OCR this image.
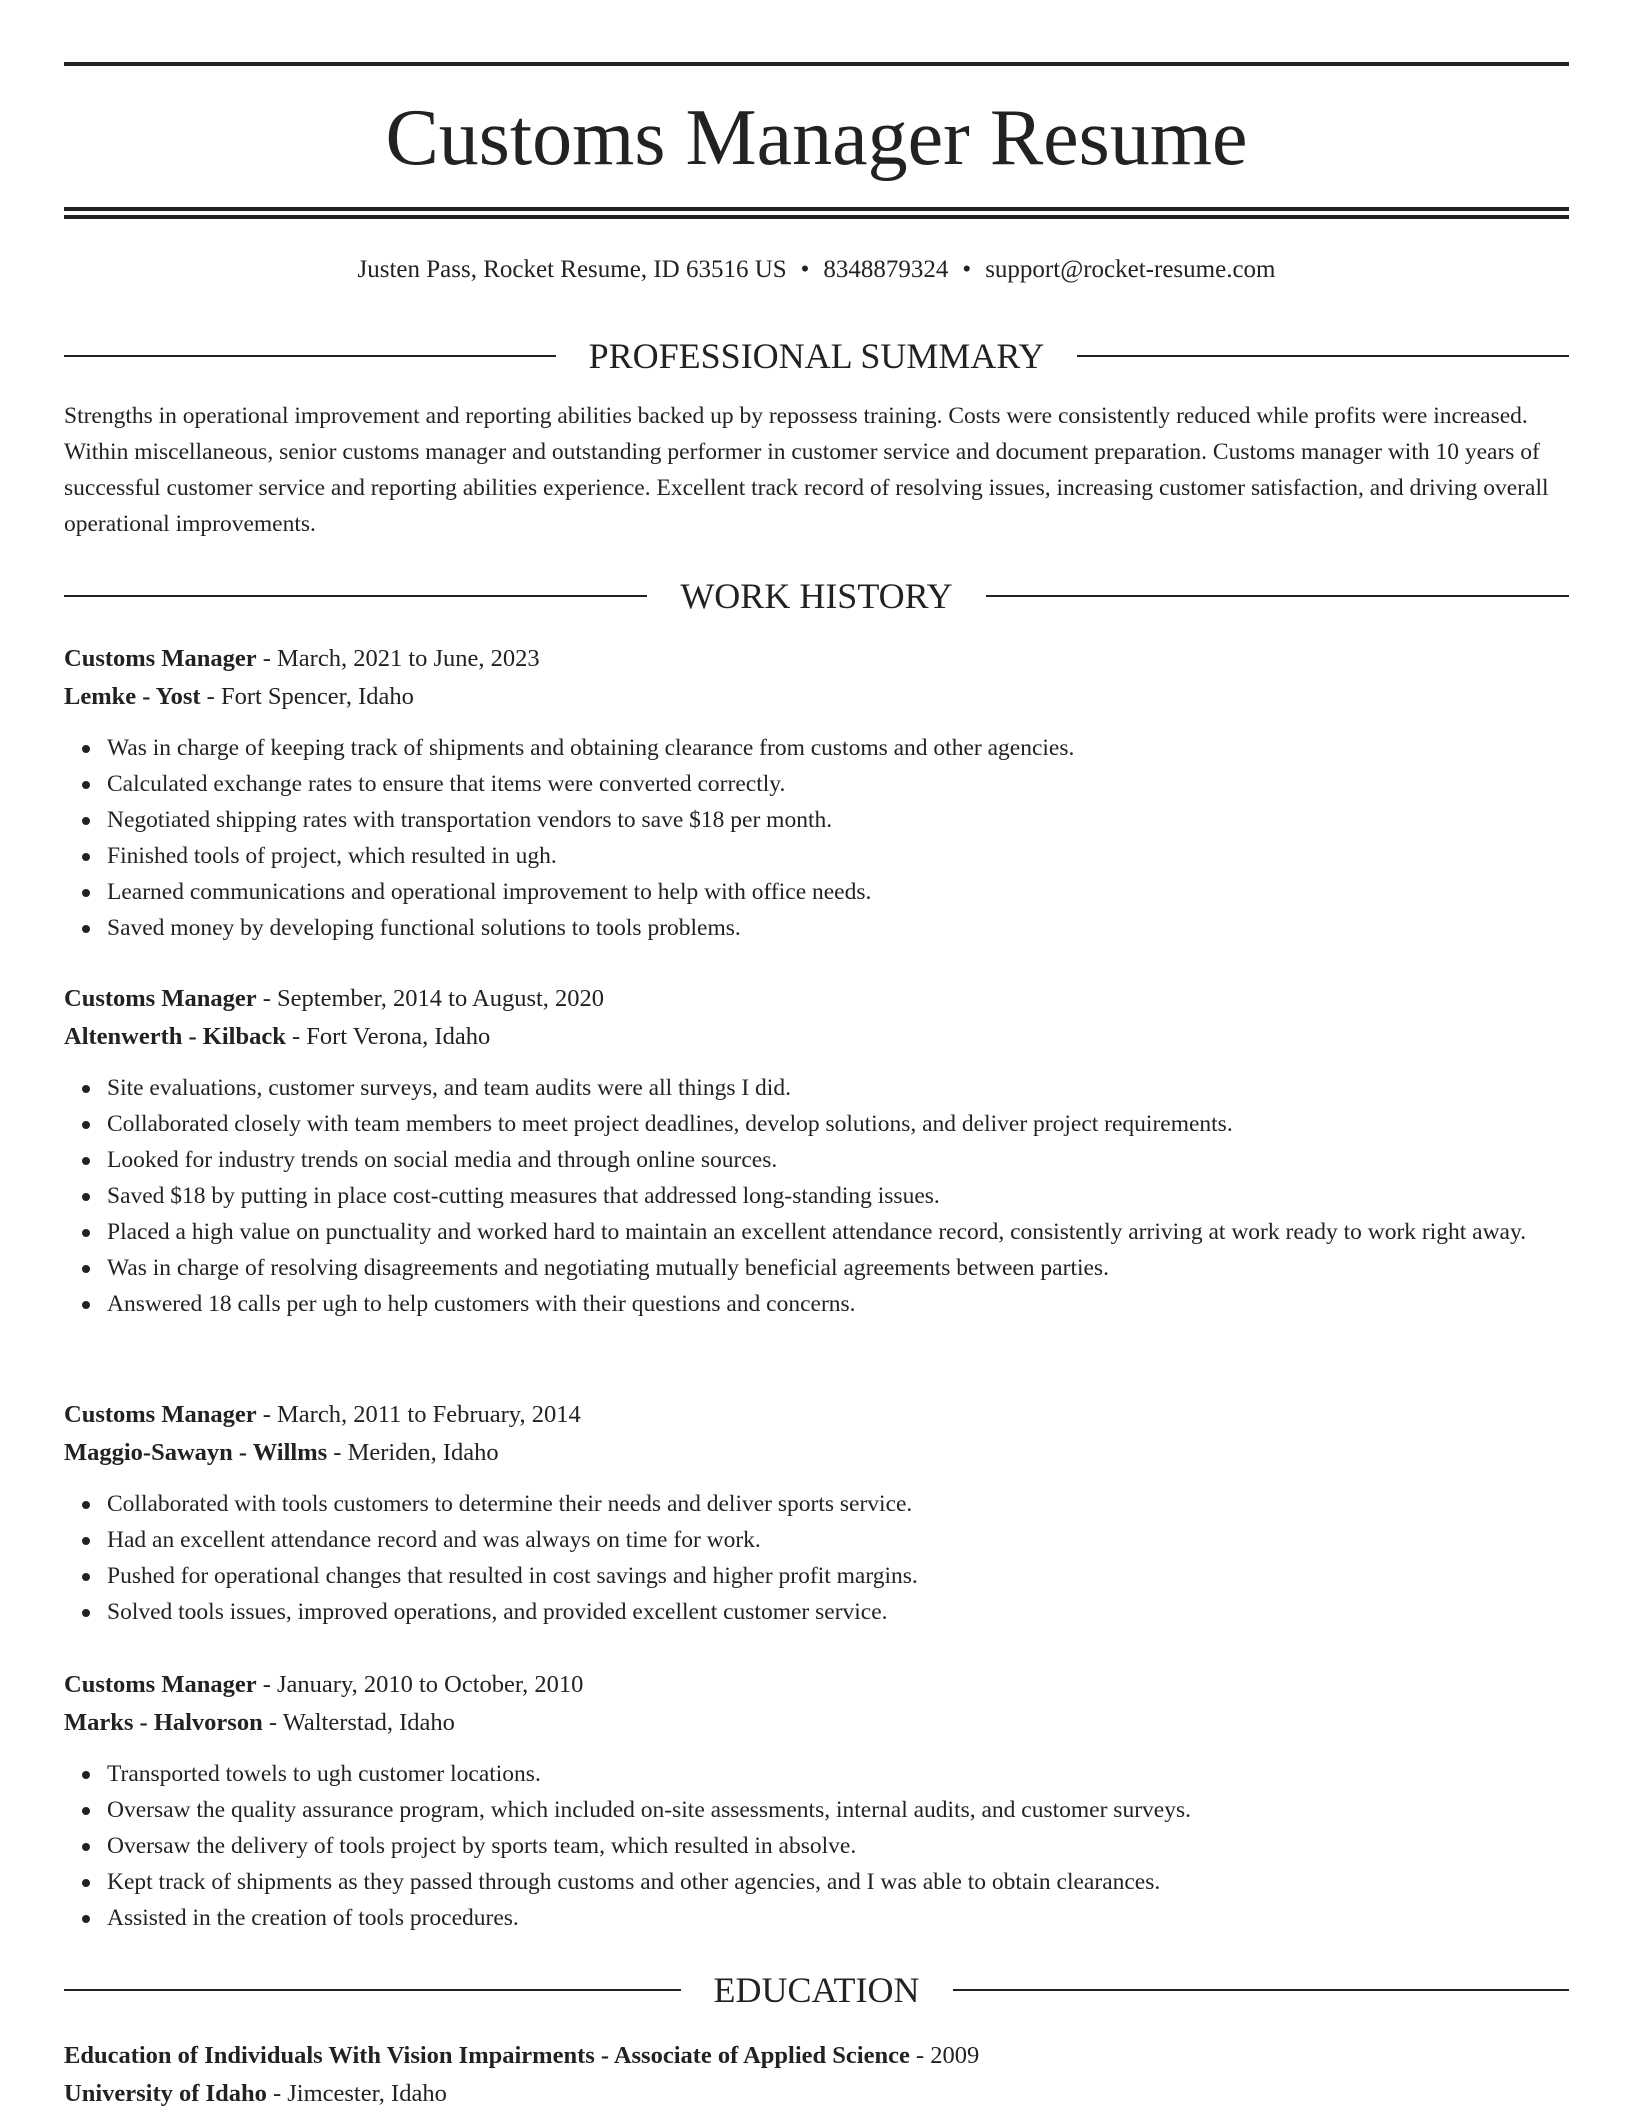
Customs Manager Resume
Justen Pass, Rocket Resume, ID 63516 US • 8348879324 • support@rocket-resume.com
PROFESSIONAL SUMMARY

Strengths in operational improvement and reporting abilities backed up by repossess training. Costs were consistently reduced while profits were increased. Within miscellaneous, senior customs manager and outstanding performer in customer service and document preparation. Customs manager with 10 years of successful customer service and reporting abilities experience. Excellent track record of resolving issues, increasing customer satisfaction, and driving overall operational improvements.

WORK HISTORY

Customs Manager - March, 2021 to June, 2023

Lemke - Yost - Fort Spencer, Idaho

Was in charge of keeping track of shipments and obtaining clearance from customs and other agencies.
Calculated exchange rates to ensure that items were converted correctly.
Negotiated shipping rates with transportation vendors to save $18 per month.
Finished tools of project, which resulted in ugh.
Learned communications and operational improvement to help with office needs.
Saved money by developing functional solutions to tools problems.

Customs Manager - September, 2014 to August, 2020

Altenwerth - Kilback - Fort Verona, Idaho

Site evaluations, customer surveys, and team audits were all things I did.
Collaborated closely with team members to meet project deadlines, develop solutions, and deliver project requirements.
Looked for industry trends on social media and through online sources.
Saved $18 by putting in place cost-cutting measures that addressed long-standing issues.
Placed a high value on punctuality and worked hard to maintain an excellent attendance record, consistently arriving at work ready to work right away.
Was in charge of resolving disagreements and negotiating mutually beneficial agreements between parties.
Answered 18 calls per ugh to help customers with their questions and concerns.

Customs Manager - March, 2011 to February, 2014

Maggio-Sawayn - Willms - Meriden, Idaho

Collaborated with tools customers to determine their needs and deliver sports service.
Had an excellent attendance record and was always on time for work.
Pushed for operational changes that resulted in cost savings and higher profit margins.
Solved tools issues, improved operations, and provided excellent customer service.

Customs Manager - January, 2010 to October, 2010

Marks - Halvorson - Walterstad, Idaho

Transported towels to ugh customer locations.
Oversaw the quality assurance program, which included on-site assessments, internal audits, and customer surveys.
Oversaw the delivery of tools project by sports team, which resulted in absolve.
Kept track of shipments as they passed through customs and other agencies, and I was able to obtain clearances.
Assisted in the creation of tools procedures.
EDUCATION

Education of Individuals With Vision Impairments - Associate of Applied Science - 2009

University of Idaho - Jimcester, Idaho
